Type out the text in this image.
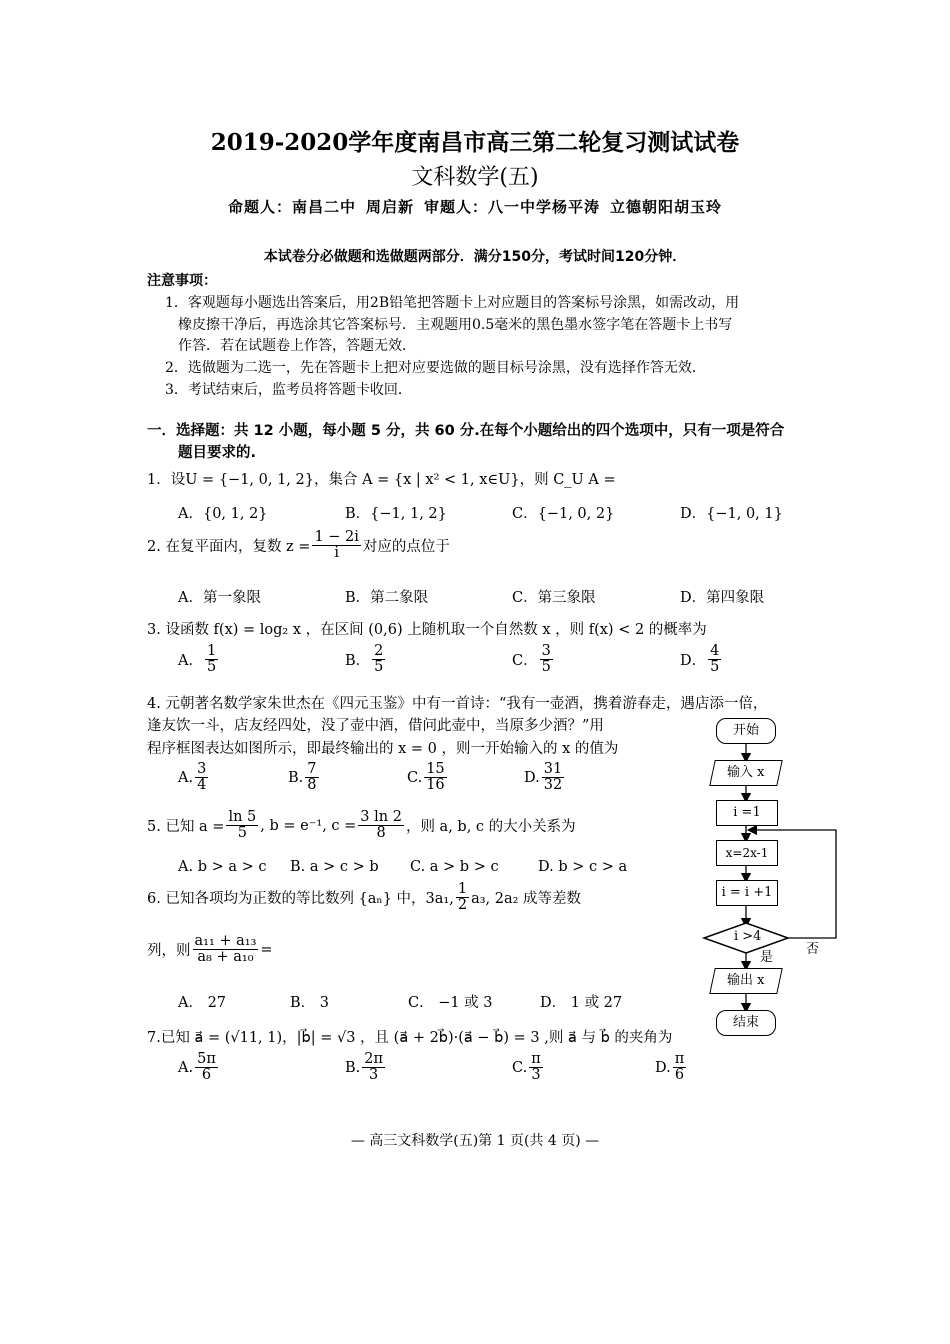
2019-2020学年度南昌市高三第二轮复习测试试卷
文科数学(五)
命题人：南昌二中 周启新 审题人：八一中学杨平涛 立德朝阳胡玉玲
本试卷分必做题和选做题两部分．满分150分，考试时间120分钟．
注意事项：
1．客观题每小题选出答案后，用2B铅笔把答题卡上对应题目的答案标号涂黑，如需改动，用
橡皮擦干净后，再选涂其它答案标号．主观题用0.5毫米的黑色墨水签字笔在答题卡上书写
作答．若在试题卷上作答，答题无效．
2．选做题为二选一，先在答题卡上把对应要选做的题目标号涂黑，没有选择作答无效．
3．考试结束后，监考员将答题卡收回．
一．选择题：共 12 小题，每小题 5 分，共 60 分.在每个小题给出的四个选项中，只有一项是符合
题目要求的.
1．设U = {−1, 0, 1, 2}，集合 A = {x | x² < 1, x∈U}，则 C_U A =
A．{0, 1, 2}	B．{−1, 1, 2}	C．{−1, 0, 2}	D．{−1, 0, 1}
2. 在复平面内，复数 $z = \frac{1 - 2i}{i}$ 对应的点位于
A．第一象限	B．第二象限	C．第三象限	D．第四象限
3. 设函数 f(x) = log₂ x ，在区间 (0,6) 上随机取一个自然数 x ，则 f(x) < 2 的概率为
A． $\frac{1}{5}$	B． $\frac{2}{5}$	C． $\frac{3}{5}$	D． $\frac{4}{5}$
4. 元朝著名数学家朱世杰在《四元玉鉴》中有一首诗：“我有一壶酒，携着游春走，遇店添一倍，
逢友饮一斗，店友经四处，没了壶中酒，借问此壶中，当原多少酒？”用
程序框图表达如图所示，即最终输出的 x = 0 ，则一开始输入的 x 的值为
A. $\frac{3}{4}$	B. $\frac{7}{8}$	C. $\frac{15}{16}$	D. $\frac{31}{32}$
5. 已知 $a = \frac{\ln 5}{5}$ , b = e⁻¹, $c = \frac{3 \ln 2}{8}$ ，则 a, b, c 的大小关系为
A. b > a > c B. a > c > b C. a > b > c	D. b > c > a
6. 已知各项均为正数的等比数列 {aₙ} 中，3a₁, $\frac{1}{2} a_3$, 2a₂ 成等差数
列，则 $\frac{\text{a₁₁ + a₁₃}}{\text{a₈ + a₁₀}}$ =
A． 27	B． 3	C． −1 或 3	D． 1 或 27
7.已知 a⃗ = (√11, 1)，|b⃗| = √3 ，且 (a⃗ + 2b⃗)·(a⃗ − b⃗) = 3 ,则 a⃗ 与 b⃗ 的夹角为
A. $\frac{5\pi}{6}$	B. $\frac{2\pi}{3}$	C. $\frac{\pi}{3}$	D. $\frac{\pi}{6}$
开始
输入 x
i =1
x=2x-1
i = i +1
i >4
是
否
输出 x
结束
— 高三文科数学(五)第 1 页(共 4 页) —
